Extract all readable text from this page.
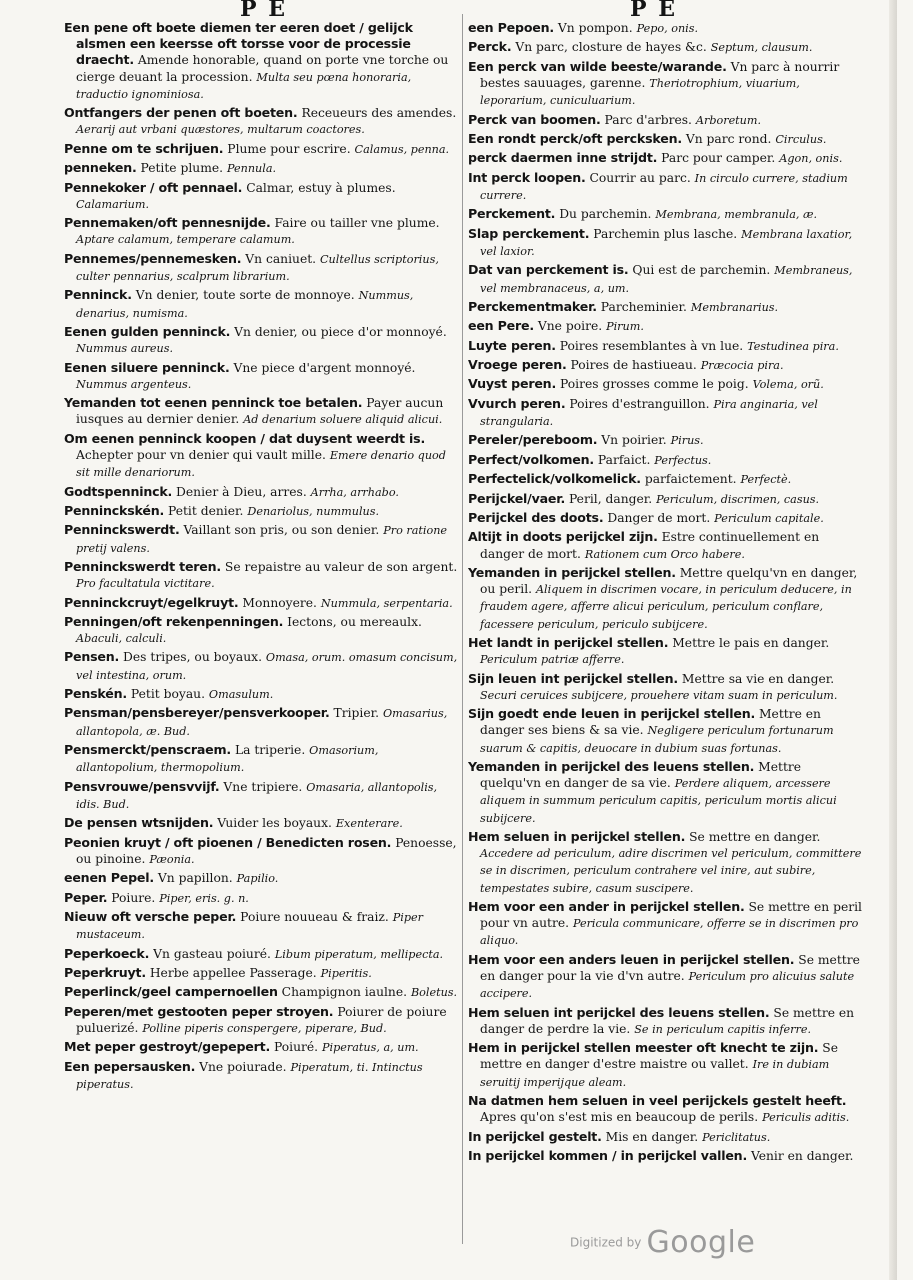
P E	P E
Een pene oft boete diemen ter eeren doet / gelijck alsmen een keersse oft torsse voor de processie draecht. Amende honorable, quand on porte vne torche ou cierge deuant la procession. Multa seu pœna honoraria, traductio ignominiosa.
Ontfangers der penen oft boeten. Receueurs des amendes. Aerarij aut vrbani quæstores, multarum coactores.
Penne om te schrijuen. Plume pour escrire. Calamus, penna.
penneken. Petite plume. Pennula.
Pennekoker / oft pennael. Calmar, estuy à plumes. Calamarium.
Pennemaken/oft pennesnijde. Faire ou tailler vne plume. Aptare calamum, temperare calamum.
Pennemes/pennemesken. Vn caniuet. Cultellus scriptorius, culter pennarius, scalprum librarium.
Penninck. Vn denier, toute sorte de monnoye. Nummus, denarius, numisma.
Eenen gulden penninck. Vn denier, ou piece d'or monnoyé. Nummus aureus.
Eenen siluere penninck. Vne piece d'argent monnoyé. Nummus argenteus.
Yemanden tot eenen penninck toe betalen. Payer aucun iusques au dernier denier. Ad denarium soluere aliquid alicui.
Om eenen penninck koopen / dat duysent weerdt is. Achepter pour vn denier qui vault mille. Emere denario quod sit mille denariorum.
Godtspenninck. Denier à Dieu, arres. Arrha, arrhabo.
Penninckskén. Petit denier. Denariolus, nummulus.
Penninckswerdt. Vaillant son pris, ou son denier. Pro ratione pretij valens.
Penninckswerdt teren. Se repaistre au valeur de son argent. Pro facultatula victitare.
Penninckcruyt/egelkruyt. Monnoyere. Nummula, serpentaria.
Penningen/oft rekenpenningen. Iectons, ou mereaulx. Abaculi, calculi.
Pensen. Des tripes, ou boyaux. Omasa, orum. omasum concisum, vel intestina, orum.
Penskén. Petit boyau. Omasulum.
Pensman/pensbereyer/pensverkooper. Tripier. Omasarius, allantopola, æ. Bud.
Pensmerckt/penscraem. La triperie. Omasorium, allantopolium, thermopolium.
Pensvrouwe/pensvvijf. Vne tripiere. Omasaria, allantopolis, idis. Bud.
De pensen wtsnijden. Vuider les boyaux. Exenterare.
Peonien kruyt / oft pioenen / Benedicten rosen. Penoesse, ou pinoine. Pæonia.
eenen Pepel. Vn papillon. Papilio.
Peper. Poiure. Piper, eris. g. n.
Nieuw oft versche peper. Poiure nouueau & fraiz. Piper mustaceum.
Peperkoeck. Vn gasteau poiuré. Libum piperatum, mellipecta.
Peperkruyt. Herbe appellee Passerage. Piperitis.
Peperlinck/geel campernoellen Champignon iaulne. Boletus.
Peperen/met gestooten peper stroyen. Poiurer de poiure puluerizé. Polline piperis conspergere, piperare, Bud.
Met peper gestroyt/gepepert. Poiuré. Piperatus, a, um.
Een pepersausken. Vne poiurade. Piperatum, ti. Intinctus piperatus.
een Pepoen. Vn pompon. Pepo, onis.
Perck. Vn parc, closture de hayes &c. Septum, clausum.
Een perck van wilde beeste/warande. Vn parc à nourrir bestes sauuages, garenne. Theriotrophium, viuarium, leporarium, cuniculuarium.
Perck van boomen. Parc d'arbres. Arboretum.
Een rondt perck/oft percksken. Vn parc rond. Circulus.
perck daermen inne strijdt. Parc pour camper. Agon, onis.
Int perck loopen. Courrir au parc. In circulo currere, stadium currere.
Perckement. Du parchemin. Membrana, membranula, æ.
Slap perckement. Parchemin plus lasche. Membrana laxatior, vel laxior.
Dat van perckement is. Qui est de parchemin. Membraneus, vel membranaceus, a, um.
Perckementmaker. Parcheminier. Membranarius.
een Pere. Vne poire. Pirum.
Luyte peren. Poires resemblantes à vn lue. Testudinea pira.
Vroege peren. Poires de hastiueau. Præcocia pira.
Vuyst peren. Poires grosses comme le poig. Volema, orũ.
Vvurch peren. Poires d'estranguillon. Pira anginaria, vel strangularia.
Pereler/pereboom. Vn poirier. Pirus.
Perfect/volkomen. Parfaict. Perfectus.
Perfectelick/volkomelick. parfaictement. Perfectè.
Perijckel/vaer. Peril, danger. Periculum, discrimen, casus.
Perijckel des doots. Danger de mort. Periculum capitale.
Altijt in doots perijckel zijn. Estre continuellement en danger de mort. Rationem cum Orco habere.
Yemanden in perijckel stellen. Mettre quelqu'vn en danger, ou peril. Aliquem in discrimen vocare, in periculum deducere, in fraudem agere, afferre alicui periculum, periculum conflare, facessere periculum, periculo subijcere.
Het landt in perijckel stellen. Mettre le pais en danger. Periculum patriæ afferre.
Sijn leuen int perijckel stellen. Mettre sa vie en danger. Securi ceruices subijcere, prouehere vitam suam in periculum.
Sijn goedt ende leuen in perijckel stellen. Mettre en danger ses biens & sa vie. Negligere periculum fortunarum suarum & capitis, deuocare in dubium suas fortunas.
Yemanden in perijckel des leuens stellen. Mettre quelqu'vn en danger de sa vie. Perdere aliquem, arcessere aliquem in summum periculum capitis, periculum mortis alicui subijcere.
Hem seluen in perijckel stellen. Se mettre en danger. Accedere ad periculum, adire discrimen vel periculum, committere se in discrimen, periculum contrahere vel inire, aut subire, tempestates subire, casum suscipere.
Hem voor een ander in perijckel stellen. Se mettre en peril pour vn autre. Pericula communicare, offerre se in discrimen pro aliquo.
Hem voor een anders leuen in perijckel stellen. Se mettre en danger pour la vie d'vn autre. Periculum pro alicuius salute accipere.
Hem seluen int perijckel des leuens stellen. Se mettre en danger de perdre la vie. Se in periculum capitis inferre.
Hem in perijckel stellen meester oft knecht te zijn. Se mettre en danger d'estre maistre ou vallet. Ire in dubiam seruitij imperijque aleam.
Na datmen hem seluen in veel perijckels gestelt heeft. Apres qu'on s'est mis en beaucoup de perils. Periculis aditis.
In perijckel gestelt. Mis en danger. Periclitatus.
In perijckel kommen / in perijckel vallen. Venir en danger.
Digitized by Google
